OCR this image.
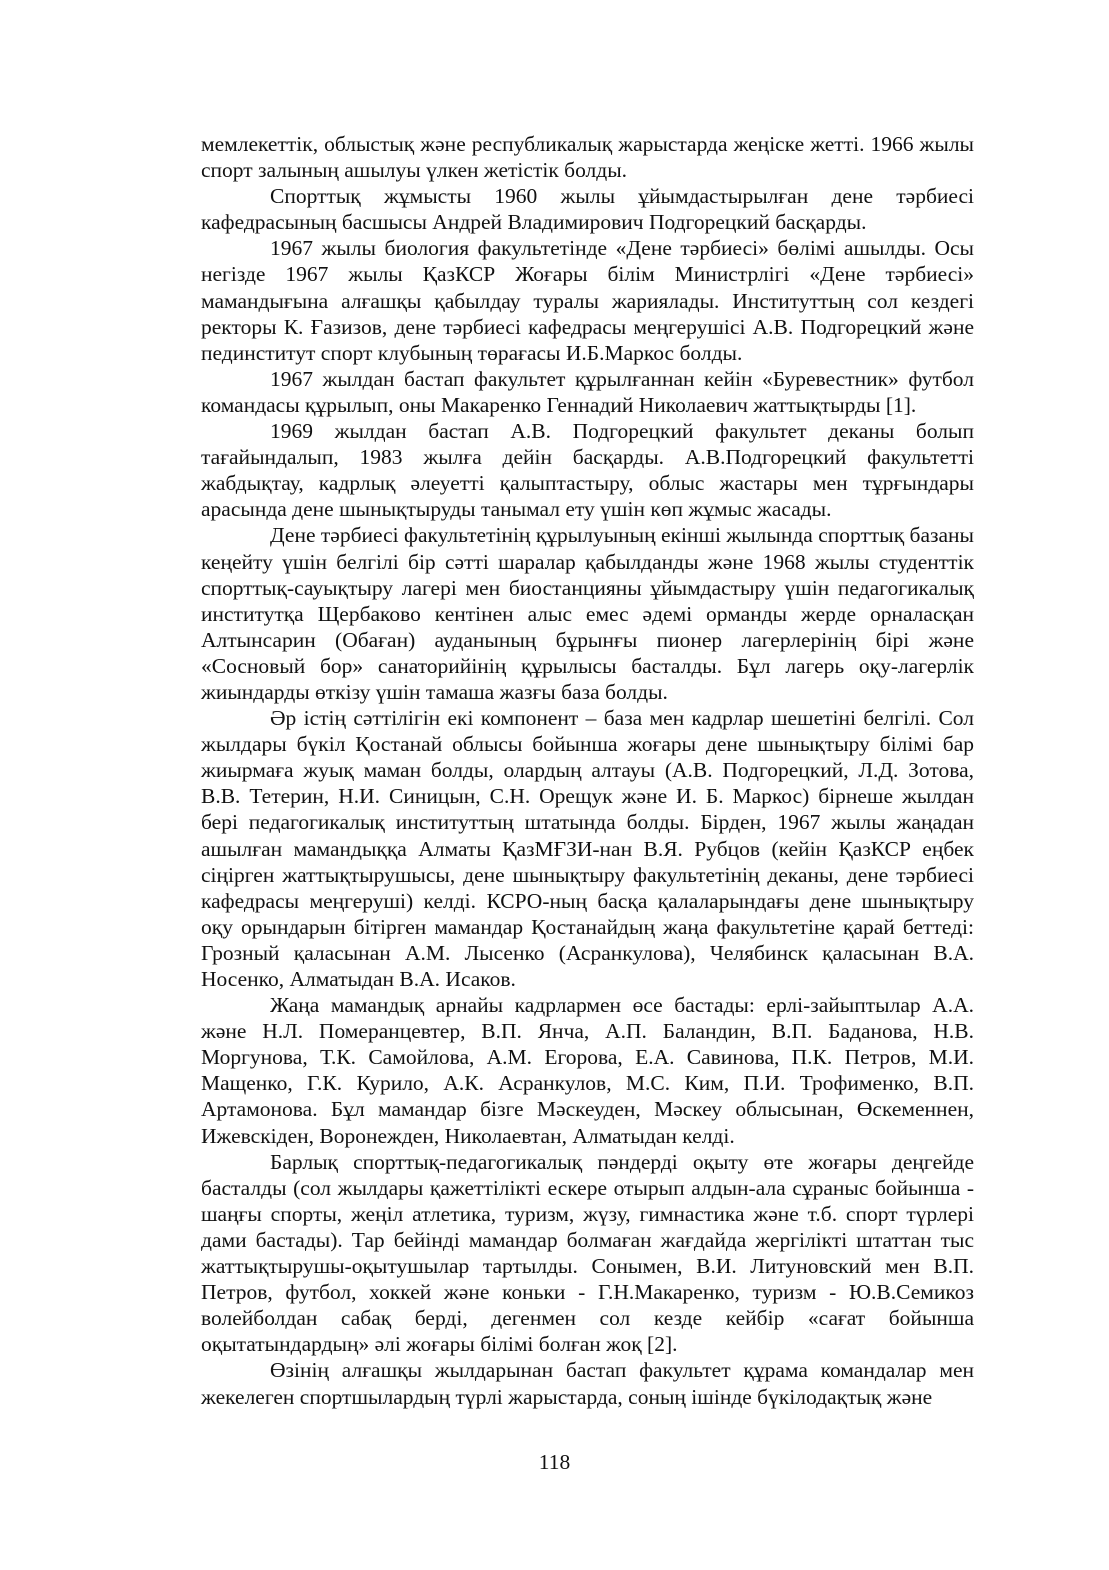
мемлекеттік, облыстық және республикалық жарыстарда жеңіске жетті. 1966 жылы спорт залының ашылуы үлкен жетістік болды.

Спорттық жұмысты 1960 жылы ұйымдастырылған дене тәрбиесі кафедрасының басшысы Андрей Владимирович Подгорецкий басқарды.

1967 жылы биология факультетінде «Дене тәрбиесі» бөлімі ашылды. Осы негізде 1967 жылы ҚазКСР Жоғары білім Министрлігі «Дене тәрбиесі» мамандығына алғашқы қабылдау туралы жариялады. Институттың сол кездегі ректоры К. Ғазизов, дене тәрбиесі кафедрасы меңгерушісі А.В. Подгорецкий және пединститут спорт клубының төрағасы И.Б.Маркос болды.

1967 жылдан бастап факультет құрылғаннан кейін «Буревестник» футбол командасы құрылып, оны Макаренко Геннадий Николаевич жаттықтырды [1].

1969 жылдан бастап А.В. Подгорецкий факультет деканы болып тағайындалып, 1983 жылға дейін басқарды. А.В.Подгорецкий факультетті жабдықтау, кадрлық әлеуетті қалыптастыру, облыс жастары мен тұрғындары арасында дене шынықтыруды танымал ету үшін көп жұмыс жасады.

Дене тәрбиесі факультетінің құрылуының екінші жылында спорттық базаны кеңейту үшін белгілі бір сәтті шаралар қабылданды және 1968 жылы студенттік спорттық-сауықтыру лагері мен биостанцияны ұйымдастыру үшін педагогикалық институтқа Щербаково кентінен алыс емес әдемі орманды жерде орналасқан Алтынсарин (Обаған) ауданының бұрынғы пионер лагерлерінің бірі және «Сосновый бор» санаторийінің құрылысы басталды. Бұл лагерь оқу-лагерлік жиындарды өткізу үшін тамаша жазғы база болды.

Әр істің сәттілігін екі компонент – база мен кадрлар шешетіні белгілі. Сол жылдары бүкіл Қостанай облысы бойынша жоғары дене шынықтыру білімі бар жиырмаға жуық маман болды, олардың алтауы (А.В. Подгорецкий, Л.Д. Зотова, В.В. Тетерин, Н.И. Синицын, С.Н. Орещук және И. Б. Маркос) бірнеше жылдан бері педагогикалық институттың штатында болды. Бірден, 1967 жылы жаңадан ашылған мамандыққа Алматы ҚазМҒЗИ-нан В.Я. Рубцов (кейін ҚазКСР еңбек сіңірген жаттықтырушысы, дене шынықтыру факультетінің деканы, дене тәрбиесі кафедрасы меңгеруші) келді. КСРО-ның басқа қалаларындағы дене шынықтыру оқу орындарын бітірген мамандар Қостанайдың жаңа факультетіне қарай беттеді: Грозный қаласынан А.М. Лысенко (Асранкулова), Челябинск қаласынан В.А. Носенко, Алматыдан В.А. Исаков.

Жаңа мамандық арнайы кадрлармен өсе бастады: ерлі-зайыптылар А.А. және Н.Л. Померанцевтер, В.П. Янча, А.П. Баландин, В.П. Баданова, Н.В. Моргунова, Т.К. Самойлова, А.М. Егорова, Е.А. Савинова, П.К. Петров, М.И. Мащенко, Г.К. Курило, А.К. Асранкулов, М.С. Ким, П.И. Трофименко, В.П. Артамонова. Бұл мамандар бізге Мәскеуден, Мәскеу облысынан, Өскеменнен, Ижевскіден, Воронежден, Николаевтан, Алматыдан келді.

Барлық спорттық-педагогикалық пәндерді оқыту өте жоғары деңгейде басталды (сол жылдары қажеттілікті ескере отырып алдын-ала сұраныс бойынша - шаңғы спорты, жеңіл атлетика, туризм, жүзу, гимнастика және т.б. спорт түрлері дами бастады). Тар бейінді мамандар болмаған жағдайда жергілікті штаттан тыс жаттықтырушы-оқытушылар тартылды. Сонымен, В.И. Литуновский мен В.П. Петров, футбол, хоккей және коньки - Г.Н.Макаренко, туризм - Ю.В.Семикоз волейболдан сабақ берді, дегенмен сол кезде кейбір «сағат бойынша оқытатындардың» әлі жоғары білімі болған жоқ [2].

Өзінің алғашқы жылдарынан бастап факультет құрама командалар мен жекелеген спортшылардың түрлі жарыстарда, соның ішінде бүкілодақтық және

118
